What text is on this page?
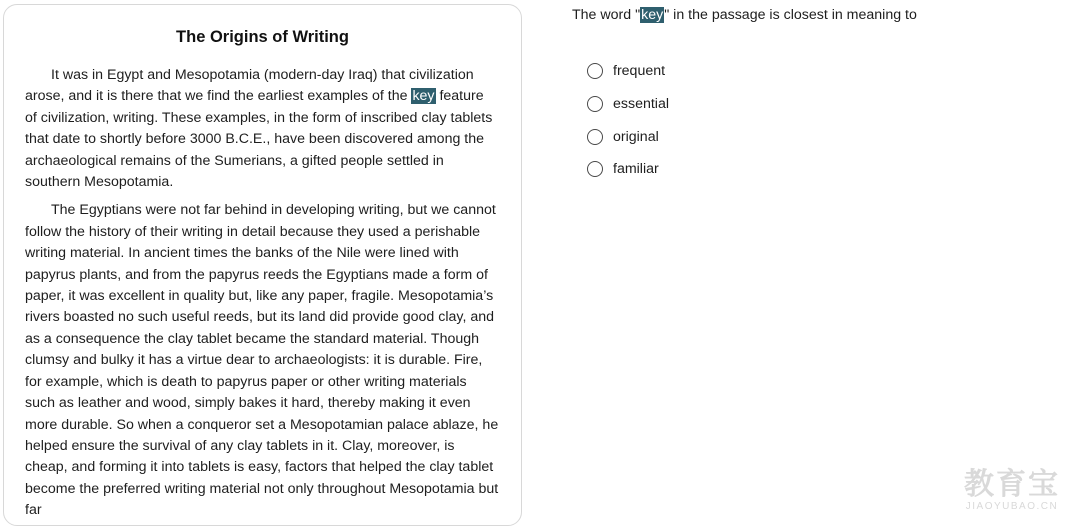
The Origins of Writing

It was in Egypt and Mesopotamia (modern-day Iraq) that civilization arose, and it is there that we find the earliest examples of the key feature of civilization, writing. These examples, in the form of inscribed clay tablets that date to shortly before 3000 B.C.E., have been discovered among the archaeological remains of the Sumerians, a gifted people settled in southern Mesopotamia.

The Egyptians were not far behind in developing writing, but we cannot follow the history of their writing in detail because they used a perishable writing material. In ancient times the banks of the Nile were lined with papyrus plants, and from the papyrus reeds the Egyptians made a form of paper, it was excellent in quality but, like any paper, fragile. Mesopotamia’s rivers boasted no such useful reeds, but its land did provide good clay, and as a consequence the clay tablet became the standard material. Though clumsy and bulky it has a virtue dear to archaeologists: it is durable. Fire, for example, which is death to papyrus paper or other writing materials such as leather and wood, simply bakes it hard, thereby making it even more durable. So when a conqueror set a Mesopotamian palace ablaze, he helped ensure the survival of any clay tablets in it. Clay, moreover, is cheap, and forming it into tablets is easy, factors that helped the clay tablet become the preferred writing material not only throughout Mesopotamia but far

The word "key" in the passage is closest in meaning to

frequent
essential
original
familiar
教育宝
JIAOYUBAO.CN
